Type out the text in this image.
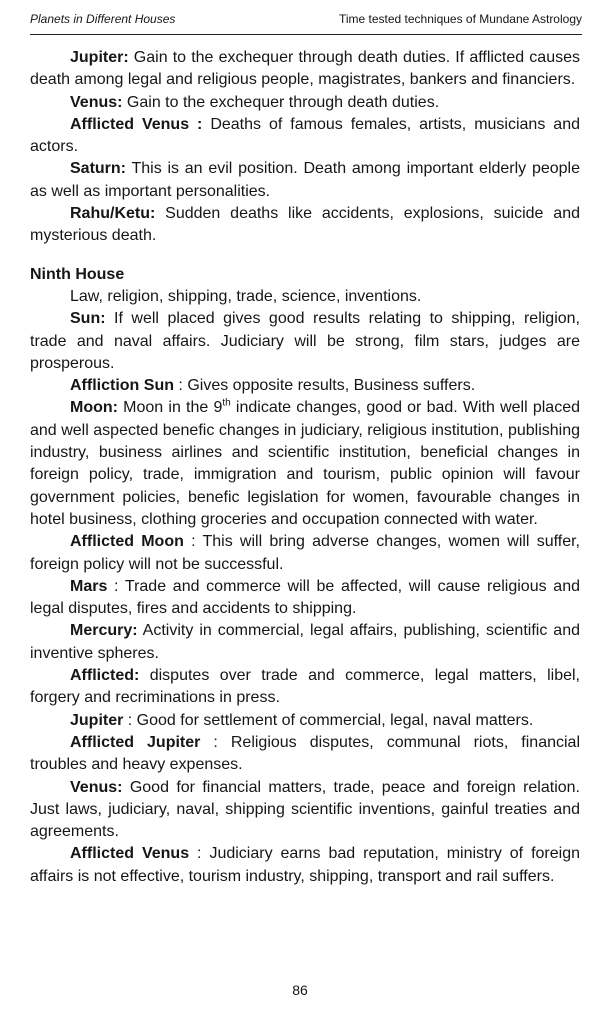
Planets in Different Houses	Time tested techniques of Mundane Astrology

Jupiter: Gain to the exchequer through death duties. If afflicted causes death among legal and religious people, magistrates, bankers and financiers.

Venus: Gain to the exchequer through death duties.

Afflicted Venus : Deaths of famous females, artists, musicians and actors.

Saturn: This is an evil position. Death among important elderly people as well as important personalities.

Rahu/Ketu: Sudden deaths like accidents, explosions, suicide and mysterious death.

Ninth House

Law, religion, shipping, trade, science, inventions.

Sun: If well placed gives good results relating to shipping, religion, trade and naval affairs. Judiciary will be strong, film stars, judges are prosperous.

Affliction Sun : Gives opposite results, Business suffers.

Moon: Moon in the 9th indicate changes, good or bad. With well placed and well aspected benefic changes in judiciary, religious institution, publishing industry, business airlines and scientific institution, beneficial changes in foreign policy, trade, immigration and tourism, public opinion will favour government policies, benefic legislation for women, favourable changes in hotel business, clothing groceries and occupation connected with water.

Afflicted Moon : This will bring adverse changes, women will suffer, foreign policy will not be successful.

Mars : Trade and commerce will be affected, will cause religious and legal disputes, fires and accidents to shipping.

Mercury: Activity in commercial, legal affairs, publishing, scientific and inventive spheres.

Afflicted: disputes over trade and commerce, legal matters, libel, forgery and recriminations in press.

Jupiter : Good for settlement of commercial, legal, naval matters.

Afflicted Jupiter : Religious disputes, communal riots, financial troubles and heavy expenses.

Venus: Good for financial matters, trade, peace and foreign relation. Just laws, judiciary, naval, shipping scientific inventions, gainful treaties and agreements.

Afflicted Venus : Judiciary earns bad reputation, ministry of foreign affairs is not effective, tourism industry, shipping, transport and rail suffers.

86
